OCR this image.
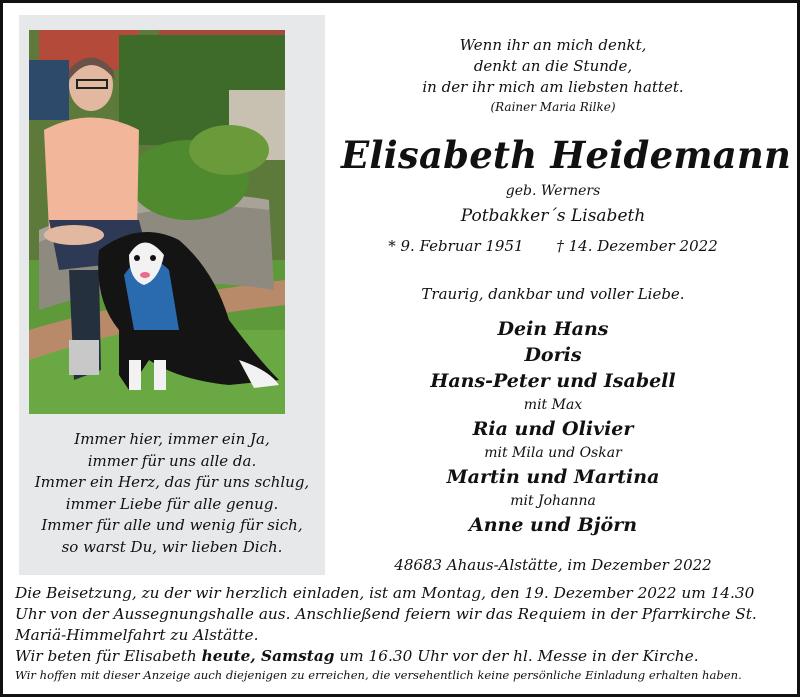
Immer hier, immer ein Ja,
immer für uns alle da.
Immer ein Herz, das für uns schlug,
immer Liebe für alle genug.
Immer für alle und wenig für sich,
so warst Du, wir lieben Dich.
Wenn ihr an mich denkt,
denkt an die Stunde,
in der ihr mich am liebsten hattet.
(Rainer Maria Rilke)
Elisabeth Heidemann
geb. Werners
Potbakker´s Lisabeth
* 9. Februar 1951 † 14. Dezember 2022
Traurig, dankbar und voller Liebe.
Dein Hans
Doris
Hans-Peter und Isabell
mit Max
Ria und Olivier
mit Mila und Oskar
Martin und Martina
mit Johanna
Anne und Björn
48683 Ahaus-Alstätte, im Dezember 2022

Die Beisetzung, zu der wir herzlich einladen, ist am Montag, den 19. Dezember 2022 um 14.30 Uhr von der Aussegnungshalle aus. Anschließend feiern wir das Requiem in der Pfarrkirche St. Mariä-Himmelfahrt zu Alstätte.

Wir beten für Elisabeth heute, Samstag um 16.30 Uhr vor der hl. Messe in der Kirche.

Wir hoffen mit dieser Anzeige auch diejenigen zu erreichen, die versehentlich keine persönliche Einladung erhalten haben.
